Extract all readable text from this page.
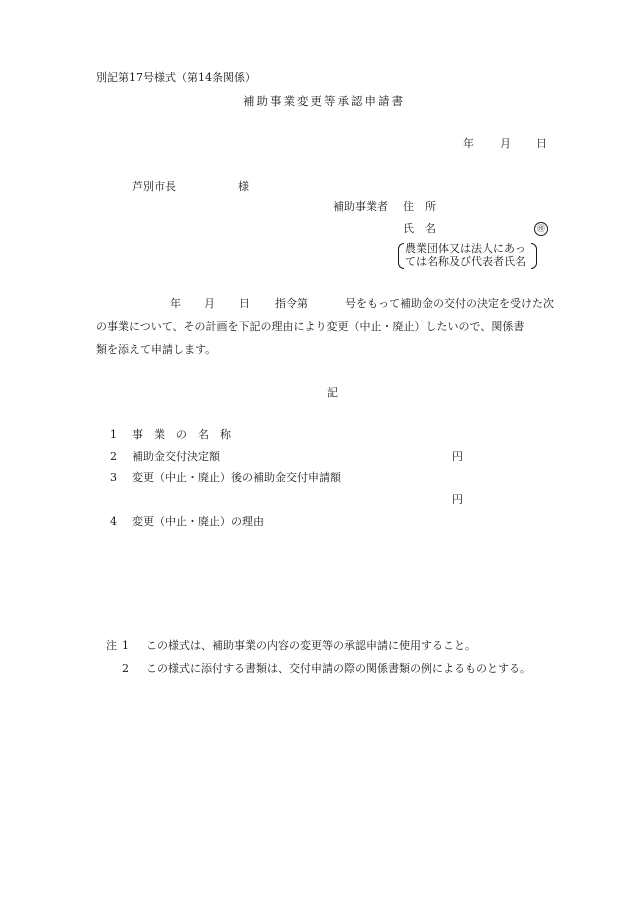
別記第17号様式（第14条関係）
補助事業変更等承認申請書
年 月 日
芦別市長	様
補助事業者 住　所
氏　名	㊞
農業団体又は法人にあっ
ては名称及び代表者氏名
年 月 日 指令第	号をもって補助金の交付の決定を受けた次
の事業について、その計画を下記の理由により変更（中止・廃止）したいので、関係書
類を添えて申請します。
記
1 事　業　の　名　称
2 補助金交付決定額	円
3 変更（中止・廃止）後の補助金交付申請額
円
4 変更（中止・廃止）の理由
注 1 この様式は、補助事業の内容の変更等の承認申請に使用すること。
2 この様式に添付する書類は、交付申請の際の関係書類の例によるものとする。
